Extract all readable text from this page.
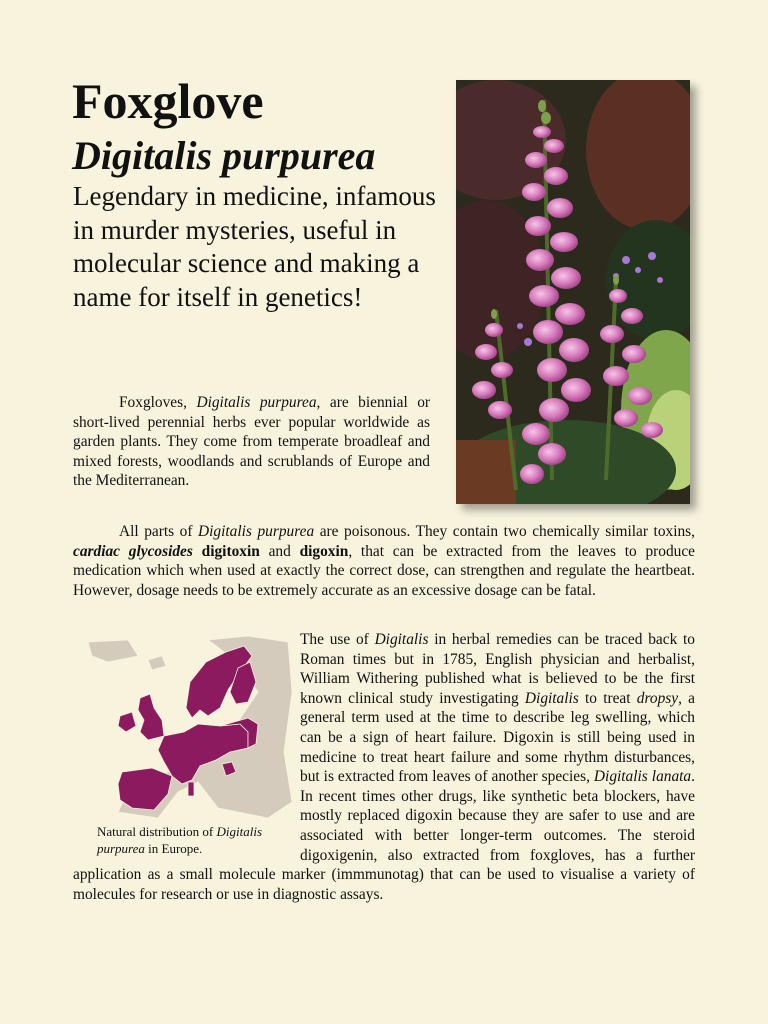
Foxglove
Digitalis purpurea

Legendary in medicine, infamous in murder mysteries, useful in molecular science and making a name for itself in genetics!

Foxgloves, Digitalis purpurea, are biennial or short-lived perennial herbs ever popular worldwide as garden plants. They come from temperate broadleaf and mixed forests, woodlands and scrublands of Europe and the Mediterranean.

All parts of Digitalis purpurea are poisonous. They contain two chemically similar toxins, cardiac glycosides digitoxin and digoxin, that can be extracted from the leaves to produce medication which when used at exactly the correct dose, can strengthen and regulate the heartbeat. However, dosage needs to be extremely accurate as an excessive dosage can be fatal.

The use of Digitalis in herbal remedies can be traced back to Roman times but in 1785, English physician and herbalist, William Withering published what is believed to be the first known clinical study investigating Digitalis to treat dropsy, a general term used at the time to describe leg swelling, which can be a sign of heart failure. Digoxin is still being used in medicine to treat heart failure and some rhythm disturbances, but is extracted from leaves of another species, Digitalis lanata. In recent times other drugs, like synthetic beta blockers, have mostly replaced digoxin because they are safer to use and are associated with better longer-term outcomes. The steroid digoxigenin, also extracted from foxgloves, has a further application as a small molecule marker (immmunotag) that can be used to visualise a variety of molecules for research or use in diagnostic assays.

Natural distribution of Digitalis purpurea in Europe.
